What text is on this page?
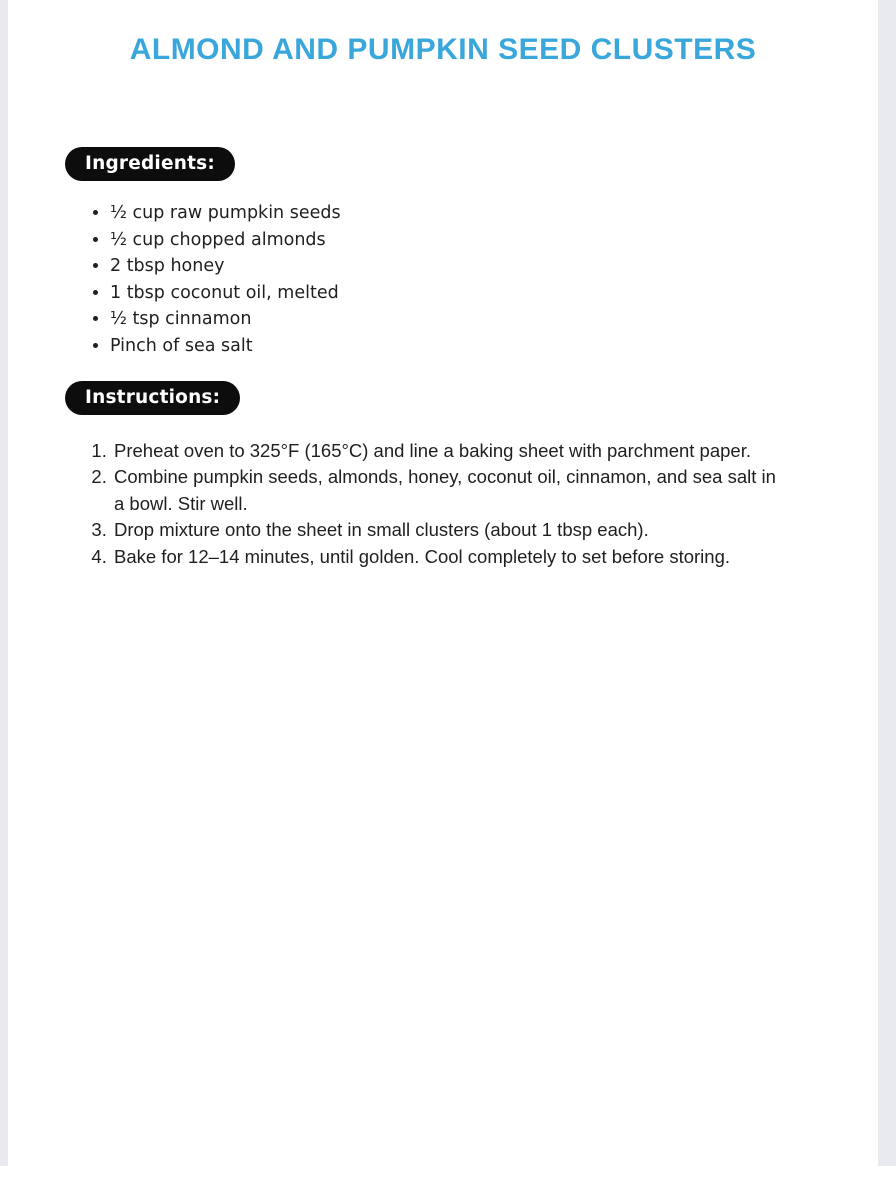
ALMOND AND PUMPKIN SEED CLUSTERS
Ingredients:
• ½ cup raw pumpkin seeds
• ½ cup chopped almonds
• 2 tbsp honey
• 1 tbsp coconut oil, melted
• ½ tsp cinnamon
• Pinch of sea salt
Instructions:
1. Preheat oven to 325°F (165°C) and line a baking sheet with parchment paper.
2. Combine pumpkin seeds, almonds, honey, coconut oil, cinnamon, and sea salt in a bowl. Stir well.
3. Drop mixture onto the sheet in small clusters (about 1 tbsp each).
4. Bake for 12–14 minutes, until golden. Cool completely to set before storing.
